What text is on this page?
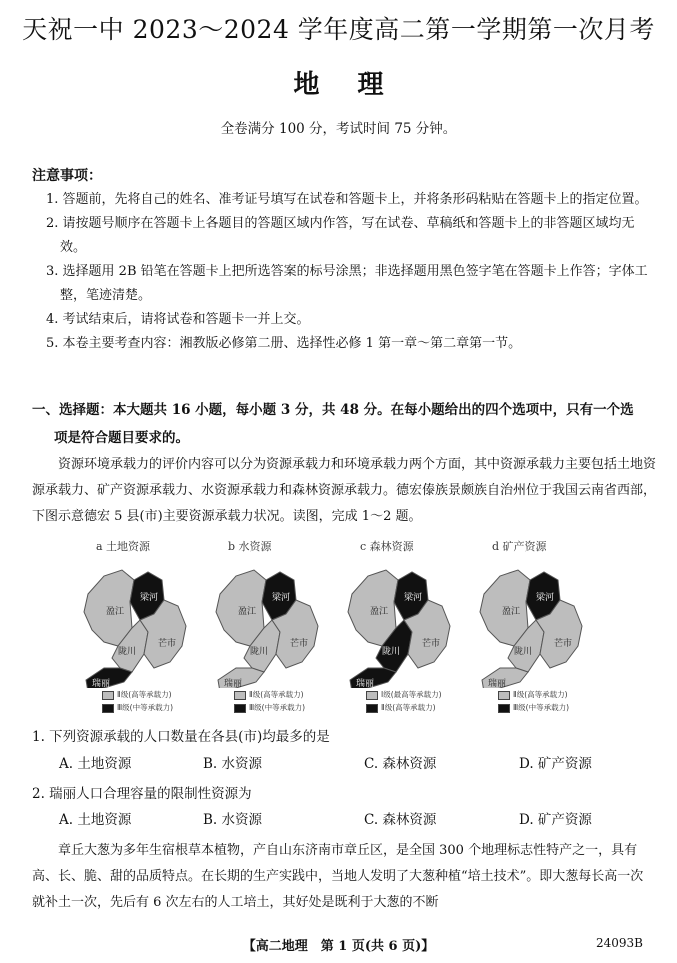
天祝一中 2023～2024 学年度高二第一学期第一次月考
地理
全卷满分 100 分，考试时间 75 分钟。
注意事项：
1. 答题前，先将自己的姓名、准考证号填写在试卷和答题卡上，并将条形码粘贴在答题卡上的指定位置。
2. 请按题号顺序在答题卡上各题目的答题区域内作答，写在试卷、草稿纸和答题卡上的非答题区域均无效。
3. 选择题用 2B 铅笔在答题卡上把所选答案的标号涂黑；非选择题用黑色签字笔在答题卡上作答；字体工整，笔迹清楚。
4. 考试结束后，请将试卷和答题卡一并上交。
5. 本卷主要考查内容：湘教版必修第二册、选择性必修 1 第一章～第二章第一节。
一、选择题：本大题共 16 小题，每小题 3 分，共 48 分。在每小题给出的四个选项中，只有一个选
项是符合题目要求的。
资源环境承载力的评价内容可以分为资源承载力和环境承载力两个方面，其中资源承载力主要包括土地资源承载力、矿产资源承载力、水资源承载力和森林资源承载力。德宏傣族景颇族自治州位于我国云南省西部，下图示意德宏 5 县(市)主要资源承载力状况。读图，完成 1～2 题。
盈江
梁河
陇川
芒市
瑞丽
a 土地资源
Ⅱ级(高等承载力)
Ⅲ级(中等承载力)
盈江
梁河
陇川
芒市
瑞丽
b 水资源
Ⅱ级(高等承载力)
Ⅲ级(中等承载力)
盈江
梁河
陇川
芒市
瑞丽
c 森林资源
Ⅰ级(最高等承载力)
Ⅱ级(高等承载力)
盈江
梁河
陇川
芒市
瑞丽
d 矿产资源
Ⅱ级(高等承载力)
Ⅲ级(中等承载力)
1. 下列资源承载的人口数量在各县(市)均最多的是
A. 土地资源	B. 水资源	C. 森林资源	D. 矿产资源
2. 瑞丽人口合理容量的限制性资源为
A. 土地资源	B. 水资源	C. 森林资源	D. 矿产资源
章丘大葱为多年生宿根草本植物，产自山东济南市章丘区，是全国 300 个地理标志性特产之一，具有高、长、脆、甜的品质特点。在长期的生产实践中，当地人发明了大葱种植“培土技术”。即大葱每长高一次就补土一次，先后有 6 次左右的人工培土，其好处是既利于大葱的不断
【高二地理　第 1 页(共 6 页)】	24093B
